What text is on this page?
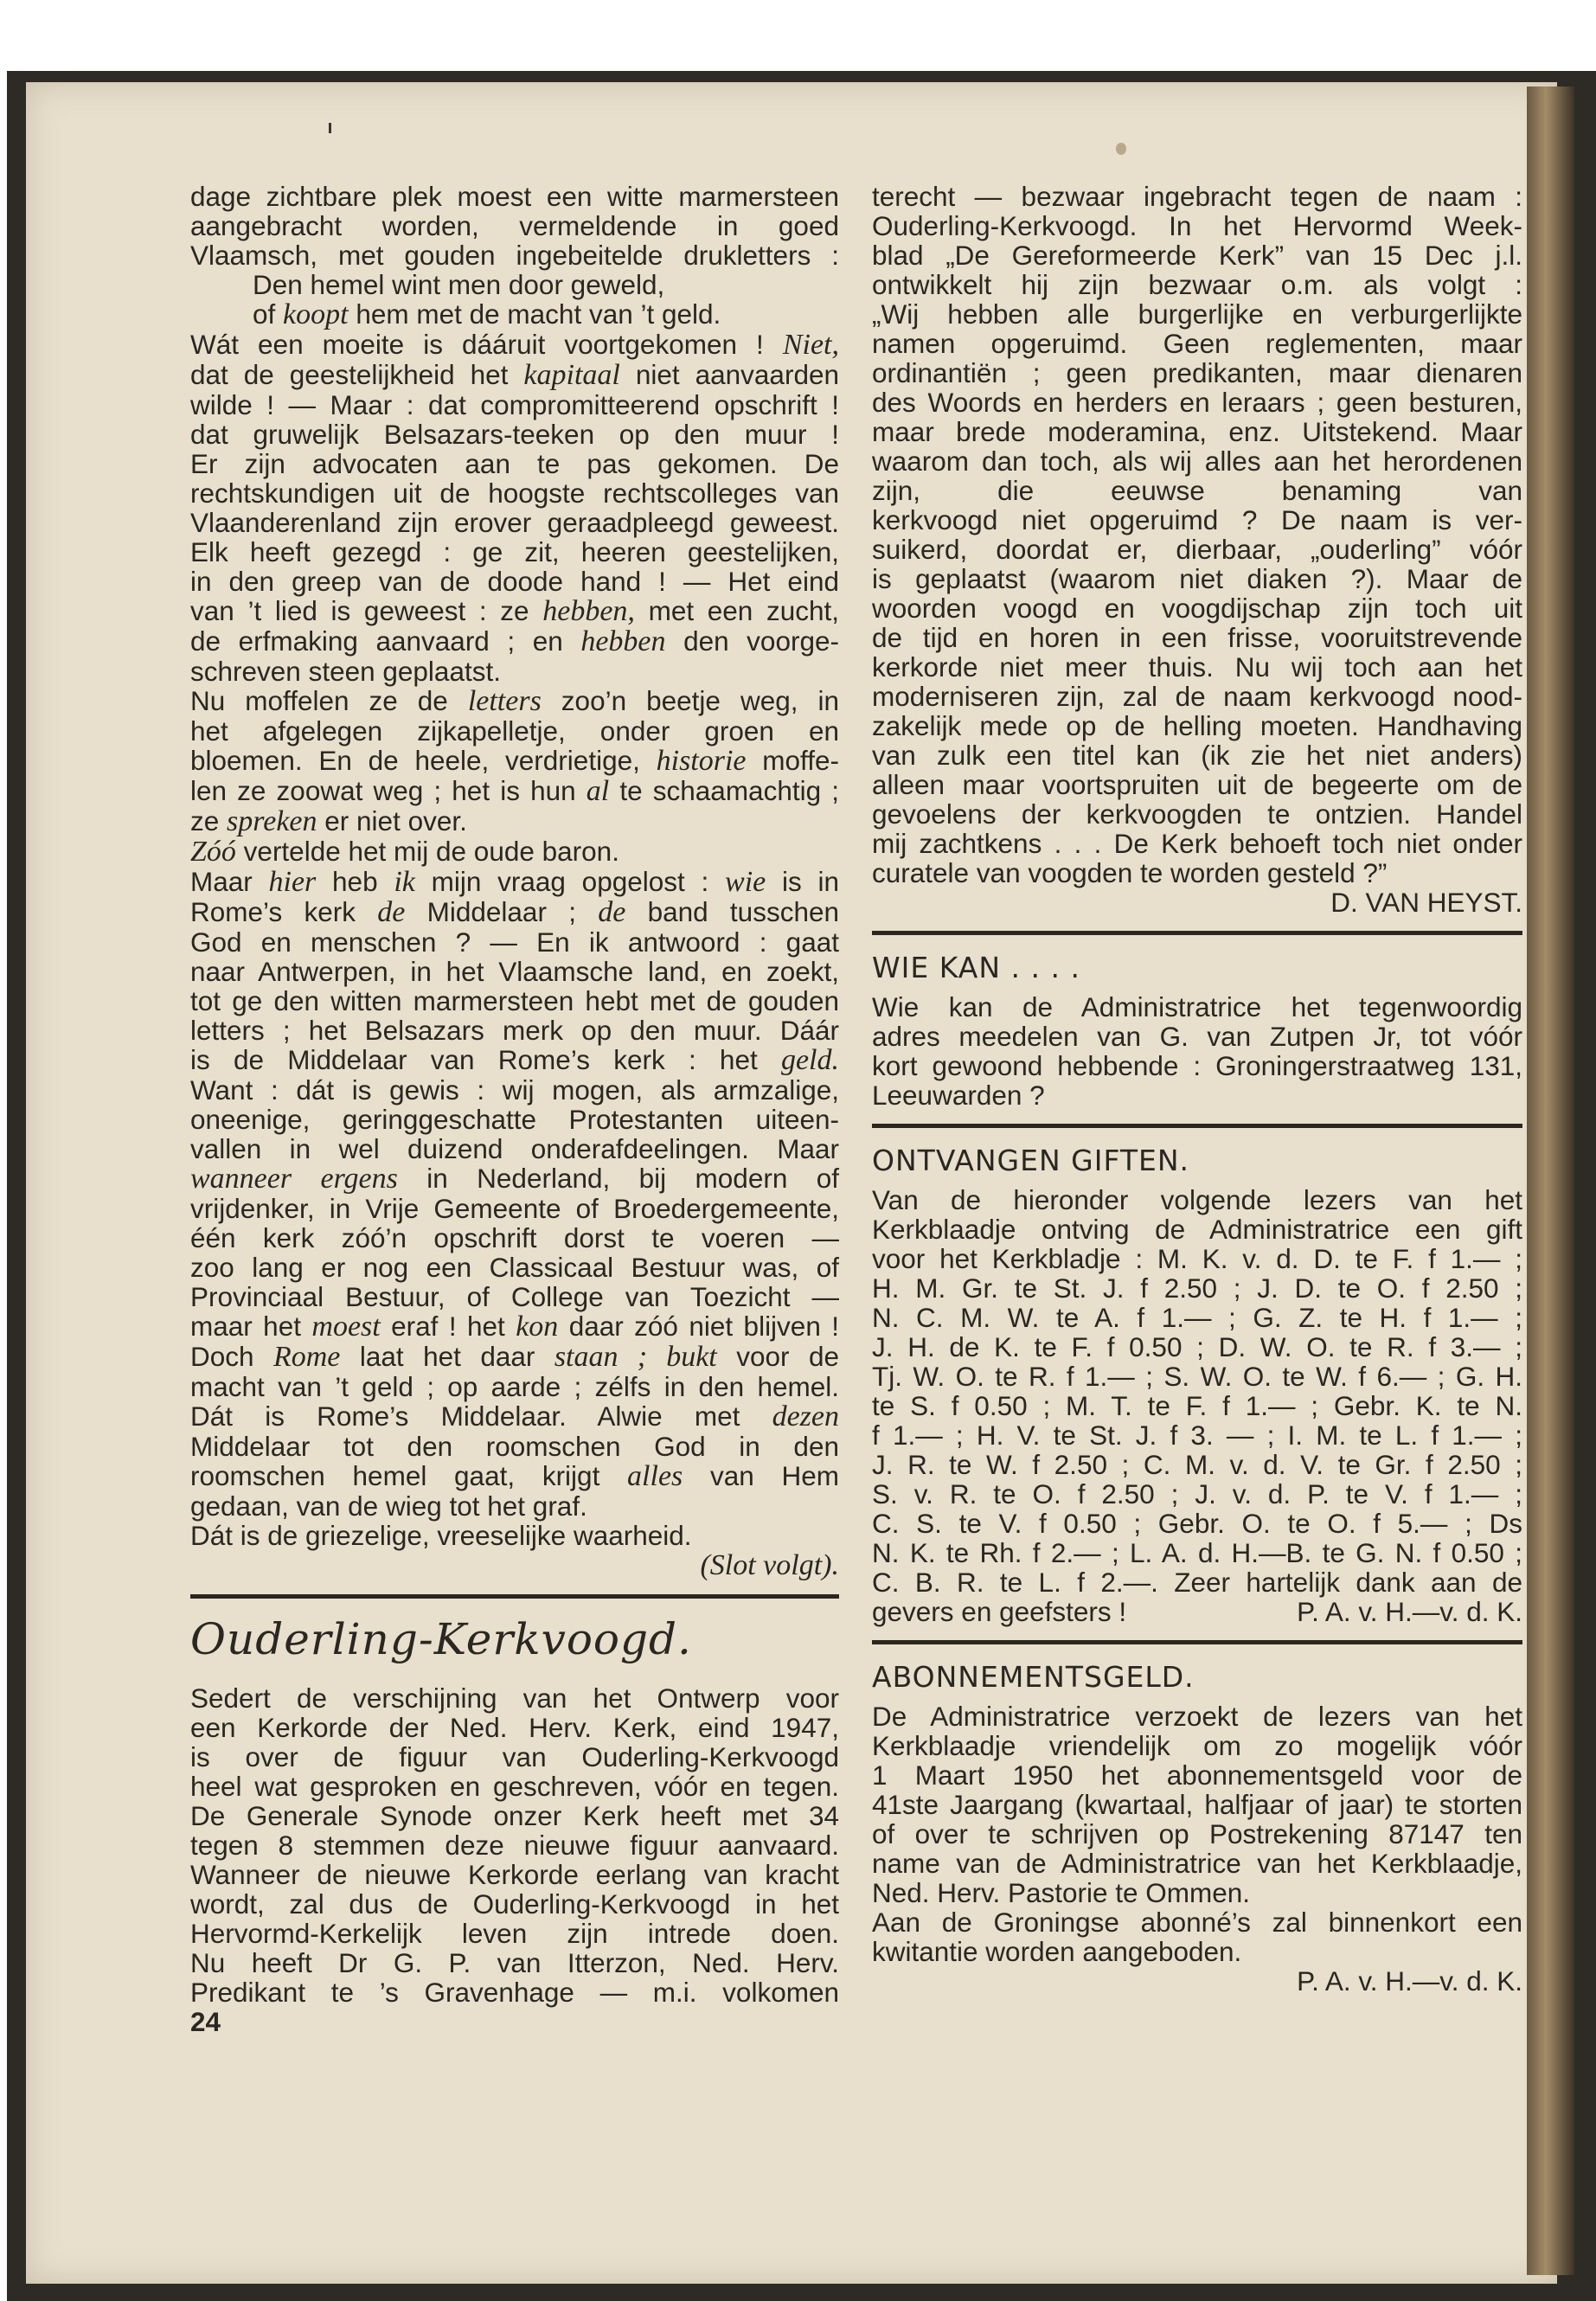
dage zichtbare plek moest een witte marmersteen
aangebracht worden, vermeldende in goed
Vlaamsch, met gouden ingebeitelde drukletters :
Den hemel wint men door geweld,
of koopt hem met de macht van ’t geld.
Wát een moeite is dááruit voortgekomen ! Niet,
dat de geestelijkheid het kapitaal niet aanvaarden
wilde ! — Maar : dat compromitteerend opschrift !
dat gruwelijk Belsazars-teeken op den muur !
Er zijn advocaten aan te pas gekomen. De
rechtskundigen uit de hoogste rechtscolleges van
Vlaanderenland zijn erover geraadpleegd geweest.
Elk heeft gezegd : ge zit, heeren geestelijken,
in den greep van de doode hand ! — Het eind
van ’t lied is geweest : ze hebben, met een zucht,
de erfmaking aanvaard ; en hebben den voorge-
schreven steen geplaatst.
Nu moffelen ze de letters zoo’n beetje weg, in
het afgelegen zijkapelletje, onder groen en
bloemen. En de heele, verdrietige, historie moffe-
len ze zoowat weg ; het is hun al te schaamachtig ;
ze spreken er niet over.
Zóó vertelde het mij de oude baron.
Maar hier heb ik mijn vraag opgelost : wie is in
Rome’s kerk de Middelaar ; de band tusschen
God en menschen ? — En ik antwoord : gaat
naar Antwerpen, in het Vlaamsche land, en zoekt,
tot ge den witten marmersteen hebt met de gouden
letters ; het Belsazars merk op den muur. Dáár
is de Middelaar van Rome’s kerk : het geld.
Want : dát is gewis : wij mogen, als armzalige,
oneenige, geringgeschatte Protestanten uiteen-
vallen in wel duizend onderafdeelingen. Maar
wanneer ergens in Nederland, bij modern of
vrijdenker, in Vrije Gemeente of Broedergemeente,
één kerk zóó’n opschrift dorst te voeren —
zoo lang er nog een Classicaal Bestuur was, of
Provinciaal Bestuur, of College van Toezicht —
maar het moest eraf ! het kon daar zóó niet blijven !
Doch Rome laat het daar staan ; bukt voor de
macht van ’t geld ; op aarde ; zélfs in den hemel.
Dát is Rome’s Middelaar. Alwie met dezen
Middelaar tot den roomschen God in den
roomschen hemel gaat, krijgt alles van Hem
gedaan, van de wieg tot het graf.
Dát is de griezelige, vreeselijke waarheid.
(Slot volgt).
Ouderling-Kerkvoogd.
Sedert de verschijning van het Ontwerp voor
een Kerkorde der Ned. Herv. Kerk, eind 1947,
is over de figuur van Ouderling-Kerkvoogd
heel wat gesproken en geschreven, vóór en tegen.
De Generale Synode onzer Kerk heeft met 34
tegen 8 stemmen deze nieuwe figuur aanvaard.
Wanneer de nieuwe Kerkorde eerlang van kracht
wordt, zal dus de Ouderling-Kerkvoogd in het
Hervormd-Kerkelijk leven zijn intrede doen.
Nu heeft Dr G. P. van Itterzon, Ned. Herv.
Predikant te ’s Gravenhage — m.i. volkomen
24
terecht — bezwaar ingebracht tegen de naam :
Ouderling-Kerkvoogd. In het Hervormd Week-
blad „De Gereformeerde Kerk” van 15 Dec j.l.
ontwikkelt hij zijn bezwaar o.m. als volgt :
„Wij hebben alle burgerlijke en verburgerlijkte
namen opgeruimd. Geen reglementen, maar
ordinantiën ; geen predikanten, maar dienaren
des Woords en herders en leraars ; geen besturen,
maar brede moderamina, enz. Uitstekend. Maar
waarom dan toch, als wij alles aan het herordenen
zijn, die eeuwse benaming van
kerkvoogd niet opgeruimd ? De naam is ver-
suikerd, doordat er, dierbaar, „ouderling” vóór
is geplaatst (waarom niet diaken ?). Maar de
woorden voogd en voogdijschap zijn toch uit
de tijd en horen in een frisse, vooruitstrevende
kerkorde niet meer thuis. Nu wij toch aan het
moderniseren zijn, zal de naam kerkvoogd nood-
zakelijk mede op de helling moeten. Handhaving
van zulk een titel kan (ik zie het niet anders)
alleen maar voortspruiten uit de begeerte om de
gevoelens der kerkvoogden te ontzien. Handel
mij zachtkens . . . De Kerk behoeft toch niet onder
curatele van voogden te worden gesteld ?”
D. VAN HEYST.
WIE KAN . . . .
Wie kan de Administratrice het tegenwoordig
adres meedelen van G. van Zutpen Jr, tot vóór
kort gewoond hebbende : Groningerstraatweg 131,
Leeuwarden ?
ONTVANGEN GIFTEN.
Van de hieronder volgende lezers van het
Kerkblaadje ontving de Administratrice een gift
voor het Kerkbladje : M. K. v. d. D. te F. f 1.— ;
H. M. Gr. te St. J. f 2.50 ; J. D. te O. f 2.50 ;
N. C. M. W. te A. f 1.— ; G. Z. te H. f 1.— ;
J. H. de K. te F. f 0.50 ; D. W. O. te R. f 3.— ;
Tj. W. O. te R. f 1.— ; S. W. O. te W. f 6.— ; G. H.
te S. f 0.50 ; M. T. te F. f 1.— ; Gebr. K. te N.
f 1.— ; H. V. te St. J. f 3. — ; I. M. te L. f 1.— ;
J. R. te W. f 2.50 ; C. M. v. d. V. te Gr. f 2.50 ;
S. v. R. te O. f 2.50 ; J. v. d. P. te V. f 1.— ;
C. S. te V. f 0.50 ; Gebr. O. te O. f 5.— ; Ds
N. K. te Rh. f 2.— ; L. A. d. H.—B. te G. N. f 0.50 ;
C. B. R. te L. f 2.—. Zeer hartelijk dank aan de
gevers en geefsters !	P. A. v. H.—v. d. K.
ABONNEMENTSGELD.
De Administratrice verzoekt de lezers van het
Kerkblaadje vriendelijk om zo mogelijk vóór
1 Maart 1950 het abonnementsgeld voor de
41ste Jaargang (kwartaal, halfjaar of jaar) te storten
of over te schrijven op Postrekening 87147 ten
name van de Administratrice van het Kerkblaadje,
Ned. Herv. Pastorie te Ommen.
Aan de Groningse abonné’s zal binnenkort een
kwitantie worden aangeboden.
P. A. v. H.—v. d. K.
